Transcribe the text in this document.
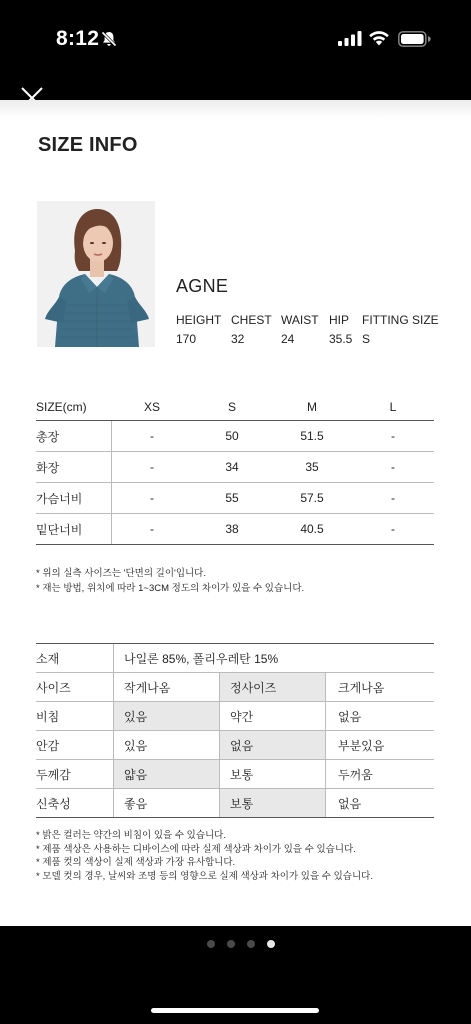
8:12
SIZE INFO
AGNE
HEIGHT CHEST WAIST HIP	FITTING SIZE
170	32	24	35.5 S
SIZE(cm)	XS	S	M	L
총장	-	50	51.5	-
화장	-	34	35	-
가슴너비	-	55	57.5	-
밑단너비	-	38	40.5	-
* 위의 실측 사이즈는 '단면의 길이'입니다.
* 재는 방법, 위치에 따라 1~3CM 정도의 차이가 있을 수 있습니다.
소재	나일론 85%, 폴리우레탄 15%
사이즈	작게나옴	정사이즈	크게나옴
비침	있음	약간	없음
안감	있음	없음	부분있음
두께감	얇음	보통	두꺼움
신축성	좋음	보통	없음
* 밝은 컬러는 약간의 비침이 있을 수 있습니다.
* 제품 색상은 사용하는 디바이스에 따라 실제 색상과 차이가 있을 수 있습니다.
* 제품 컷의 색상이 실제 색상과 가장 유사합니다.
* 모델 컷의 경우, 날씨와 조명 등의 영향으로 실제 색상과 차이가 있을 수 있습니다.
